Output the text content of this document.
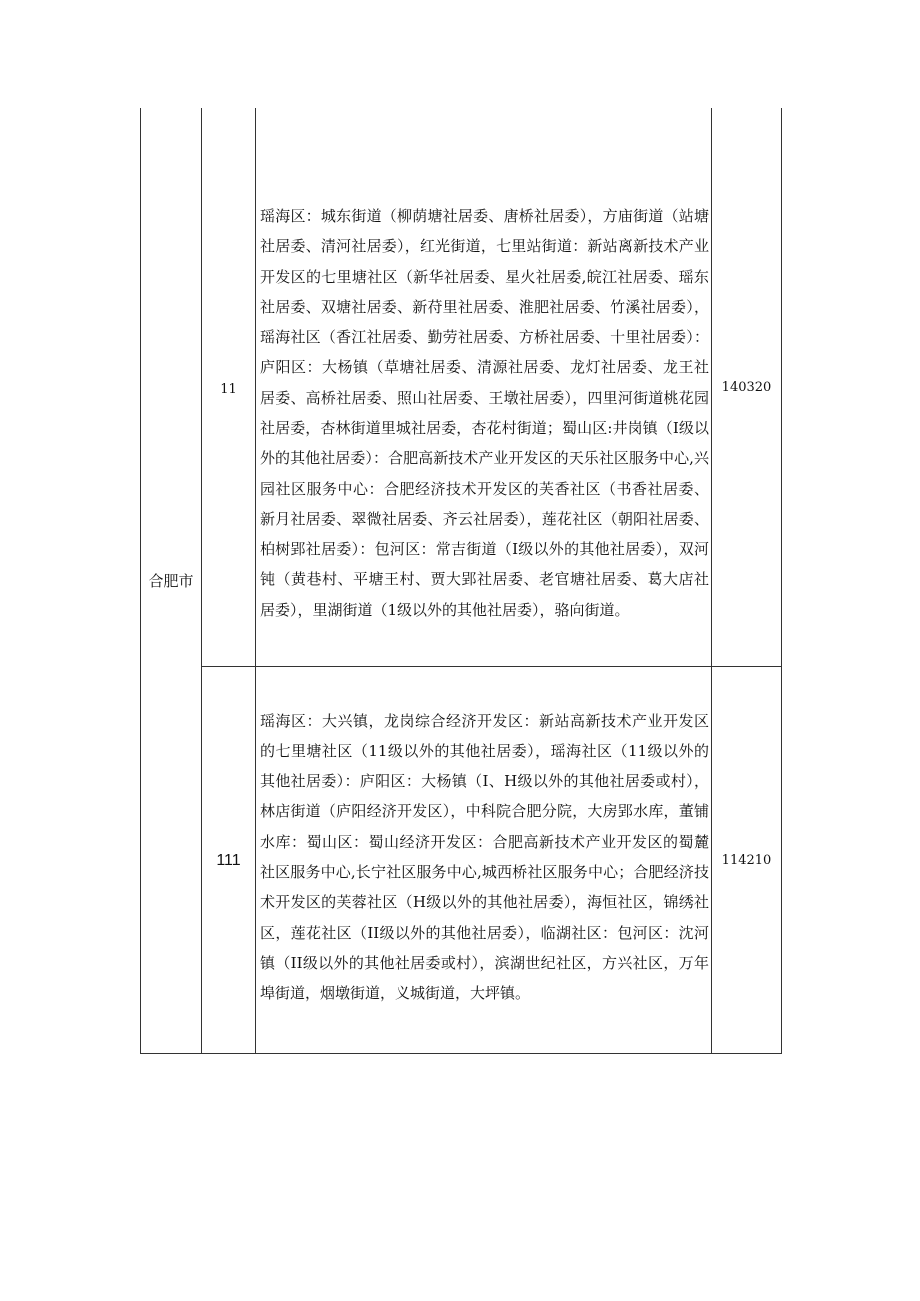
合肥市	11	瑶海区：城东街道（柳荫塘社居委、唐桥社居委），方庙街道（站塘社居委、清河社居委），红光街道，七里站街道：新站离新技术产业开发区的七里塘社区（新华社居委、星火社居委,皖江社居委、瑶东社居委、双塘社居委、新苻里社居委、淮肥社居委、竹溪社居委），瑶海社区（香江社居委、勤劳社居委、方桥社居委、十里社居委）：庐阳区：大杨镇（草塘社居委、清源社居委、龙灯社居委、龙王社居委、高桥社居委、照山社居委、王墩社居委），四里河街道桃花园社居委，杏林街道里城社居委，杏花村街道；蜀山区:井岗镇（I级以外的其他社居委）：合肥高新技术产业开发区的天乐社区服务中心,兴园社区服务中心：合肥经济技术开发区的芙香社区（书香社居委、新月社居委、翠微社居委、齐云社居委），莲花社区（朝阳社居委、柏树郢社居委）：包河区：常吉街道（I级以外的其他社居委），双河钝（黄巷村、平塘王村、贾大郢社居委、老官塘社居委、葛大店社居委），里湖街道（1级以外的其他社居委），骆向街道。	140320
	111	瑶海区：大兴镇，龙岗综合经济开发区：新站高新技术产业开发区的七里塘社区（11级以外的其他社居委），瑶海社区（11级以外的其他社居委）：庐阳区：大杨镇（I、H级以外的其他社居委或村），林店街道（庐阳经济开发区），中科院合肥分院，大房郢水库，董铺水库：蜀山区：蜀山经济开发区：合肥高新技术产业开发区的蜀麓社区服务中心,长宁社区服务中心,城西桥社区服务中心；合肥经济技术开发区的芙蓉社区（H级以外的其他社居委），海恒社区，锦绣社区，莲花社区（II级以外的其他社居委），临湖社区：包河区：沈河镇（II级以外的其他社居委或村），滨湖世纪社区，方兴社区，万年埠街道，烟墩街道，义城街道，大坪镇。	114210
